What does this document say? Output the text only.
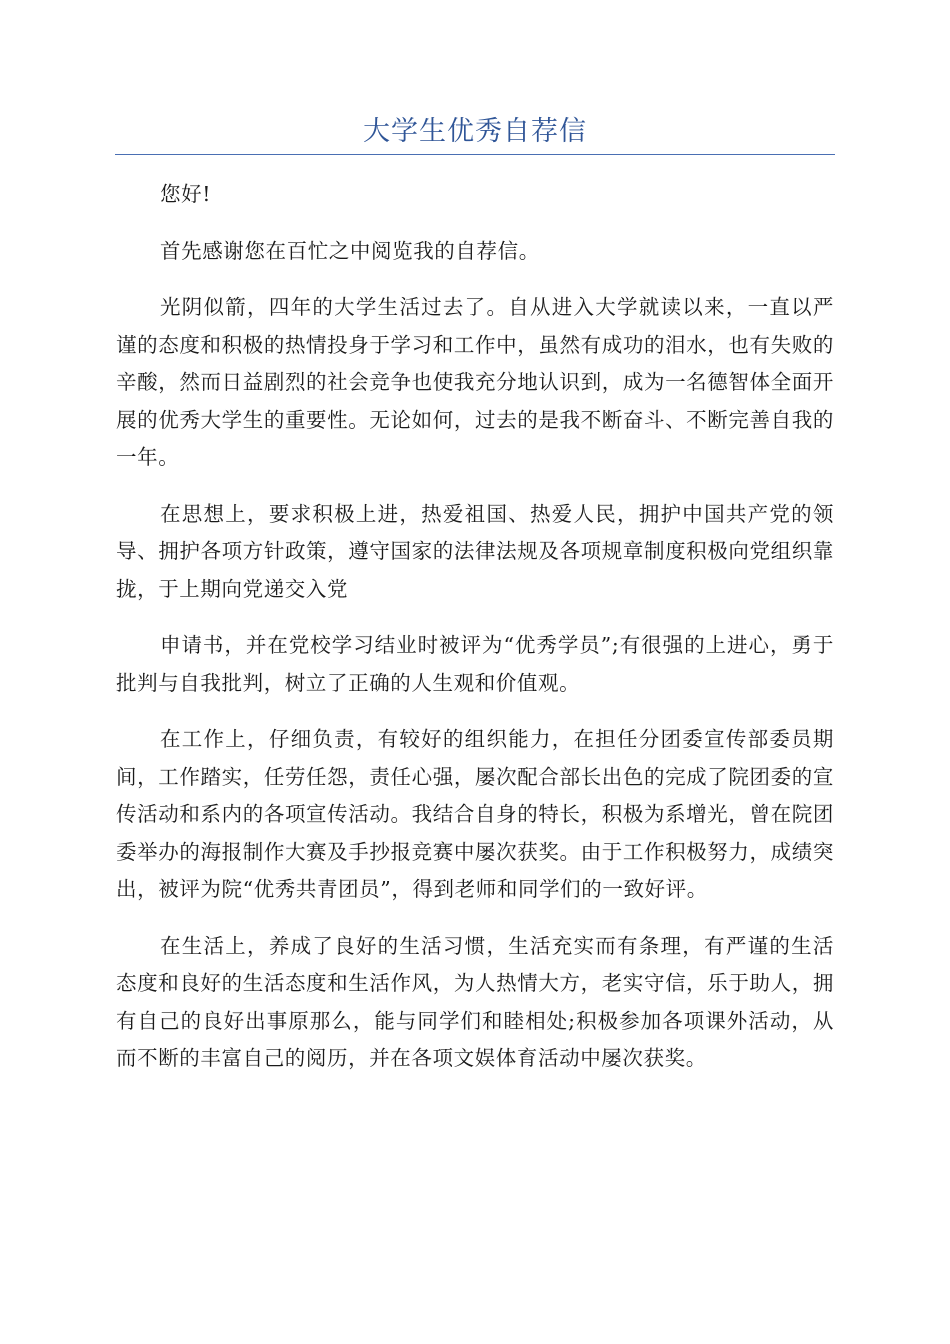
大学生优秀自荐信

您好!

首先感谢您在百忙之中阅览我的自荐信。

光阴似箭，四年的大学生活过去了。自从进入大学就读以来，一直以严谨的态度和积极的热情投身于学习和工作中，虽然有成功的泪水，也有失败的辛酸，然而日益剧烈的社会竞争也使我充分地认识到，成为一名德智体全面开展的优秀大学生的重要性。无论如何，过去的是我不断奋斗、不断完善自我的一年。

在思想上，要求积极上进，热爱祖国、热爱人民，拥护中国共产党的领导、拥护各项方针政策，遵守国家的法律法规及各项规章制度积极向党组织靠拢，于上期向党递交入党

申请书，并在党校学习结业时被评为“优秀学员”;有很强的上进心，勇于批判与自我批判，树立了正确的人生观和价值观。

在工作上，仔细负责，有较好的组织能力，在担任分团委宣传部委员期间，工作踏实，任劳任怨，责任心强，屡次配合部长出色的完成了院团委的宣传活动和系内的各项宣传活动。我结合自身的特长，积极为系增光，曾在院团委举办的海报制作大赛及手抄报竞赛中屡次获奖。由于工作积极努力，成绩突出，被评为院“优秀共青团员”，得到老师和同学们的一致好评。

在生活上，养成了良好的生活习惯，生活充实而有条理，有严谨的生活态度和良好的生活态度和生活作风，为人热情大方，老实守信，乐于助人，拥有自己的良好出事原那么，能与同学们和睦相处;积极参加各项课外活动，从而不断的丰富自己的阅历，并在各项文娱体育活动中屡次获奖。
